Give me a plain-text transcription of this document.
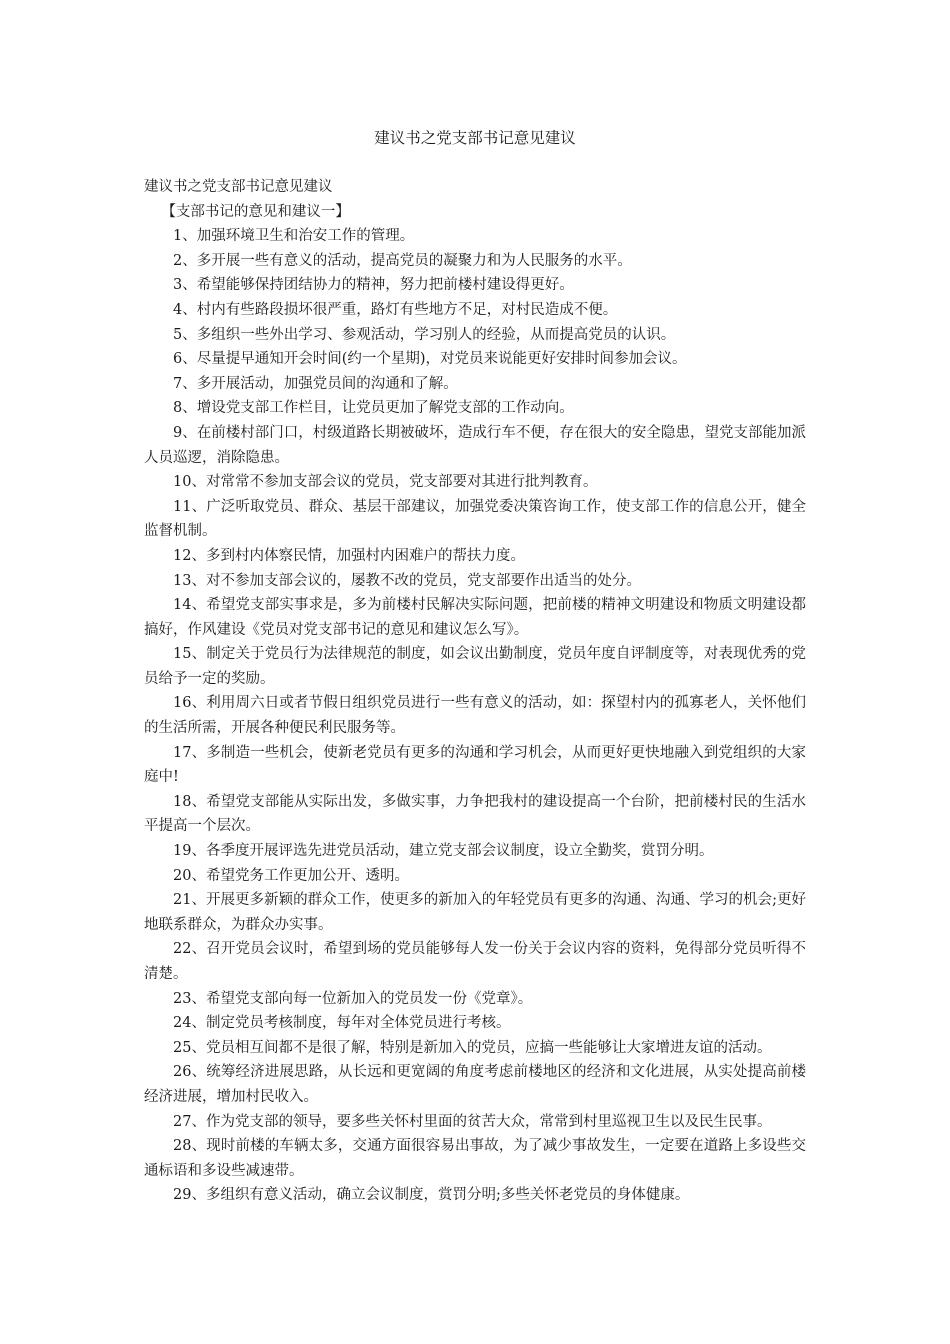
建议书之党支部书记意见建议

建议书之党支部书记意见建议

【支部书记的意见和建议一】

1、加强环境卫生和治安工作的管理。

2、多开展一些有意义的活动，提高党员的凝聚力和为人民服务的水平。

3、希望能够保持团结协力的精神，努力把前楼村建设得更好。

4、村内有些路段损坏很严重，路灯有些地方不足，对村民造成不便。

5、多组织一些外出学习、参观活动，学习别人的经验，从而提高党员的认识。

6、尽量提早通知开会时间(约一个星期)，对党员来说能更好安排时间参加会议。

7、多开展活动，加强党员间的沟通和了解。

8、增设党支部工作栏目，让党员更加了解党支部的工作动向。

9、在前楼村部门口，村级道路长期被破坏，造成行车不便，存在很大的安全隐患，望党支部能加派人员巡逻，消除隐患。

10、对常常不参加支部会议的党员，党支部要对其进行批判教育。

11、广泛听取党员、群众、基层干部建议，加强党委决策咨询工作，使支部工作的信息公开，健全监督机制。

12、多到村内体察民情，加强村内困难户的帮扶力度。

13、对不参加支部会议的，屡教不改的党员，党支部要作出适当的处分。

14、希望党支部实事求是，多为前楼村民解决实际问题，把前楼的精神文明建设和物质文明建设都搞好，作风建设《党员对党支部书记的意见和建议怎么写》。

15、制定关于党员行为法律规范的制度，如会议出勤制度，党员年度自评制度等，对表现优秀的党员给予一定的奖励。

16、利用周六日或者节假日组织党员进行一些有意义的活动，如：探望村内的孤寡老人，关怀他们的生活所需，开展各种便民利民服务等。

17、多制造一些机会，使新老党员有更多的沟通和学习机会，从而更好更快地融入到党组织的大家庭中!

18、希望党支部能从实际出发，多做实事，力争把我村的建设提高一个台阶，把前楼村民的生活水平提高一个层次。

19、各季度开展评选先进党员活动，建立党支部会议制度，设立全勤奖，赏罚分明。

20、希望党务工作更加公开、透明。

21、开展更多新颖的群众工作，使更多的新加入的年轻党员有更多的沟通、沟通、学习的机会;更好地联系群众，为群众办实事。

22、召开党员会议时，希望到场的党员能够每人发一份关于会议内容的资料，免得部分党员听得不清楚。

23、希望党支部向每一位新加入的党员发一份《党章》。

24、制定党员考核制度，每年对全体党员进行考核。

25、党员相互间都不是很了解，特别是新加入的党员，应搞一些能够让大家增进友谊的活动。

26、统筹经济进展思路，从长远和更宽阔的角度考虑前楼地区的经济和文化进展，从实处提高前楼经济进展，增加村民收入。

27、作为党支部的领导，要多些关怀村里面的贫苦大众，常常到村里巡视卫生以及民生民事。

28、现时前楼的车辆太多，交通方面很容易出事故，为了减少事故发生，一定要在道路上多设些交通标语和多设些减速带。

29、多组织有意义活动，确立会议制度，赏罚分明;多些关怀老党员的身体健康。
